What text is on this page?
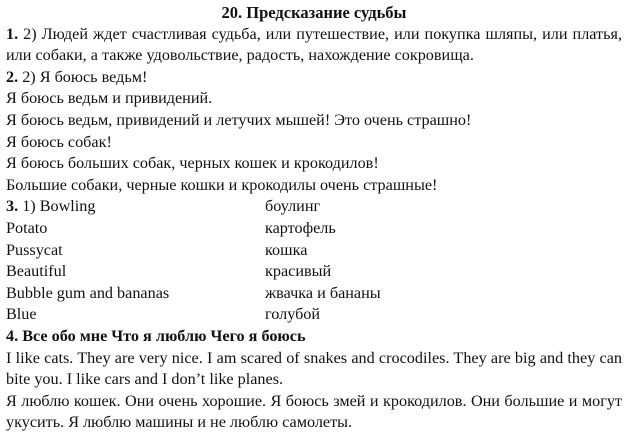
20. Предсказание судьбы
1. 2) Людей ждет счастливая судьба, или путешествие, или покупка шляпы, или платья, или собаки, а также удовольствие, радость, нахождение сокровища.
2. 2) Я боюсь ведьм!
Я боюсь ведьм и привидений.
Я боюсь ведьм, привидений и летучих мышей! Это очень страшно!
Я боюсь собак!
Я боюсь больших собак, черных кошек и крокодилов!
Большие собаки, черные кошки и крокодилы очень страшные!
3. 1) Bowling	боулинг
Potato	картофель
Pussycat	кошка
Beautiful	красивый
Bubble gum and bananas	жвачка и бананы
Blue	голубой
4. Все обо мне Что я люблю Чего я боюсь
I like cats. They are very nice. I am scared of snakes and crocodiles. They are big and they can bite you. I like cars and I don’t like planes.
Я люблю кошек. Они очень хорошие. Я боюсь змей и крокодилов. Они большие и могут укусить. Я люблю машины и не люблю самолеты.
